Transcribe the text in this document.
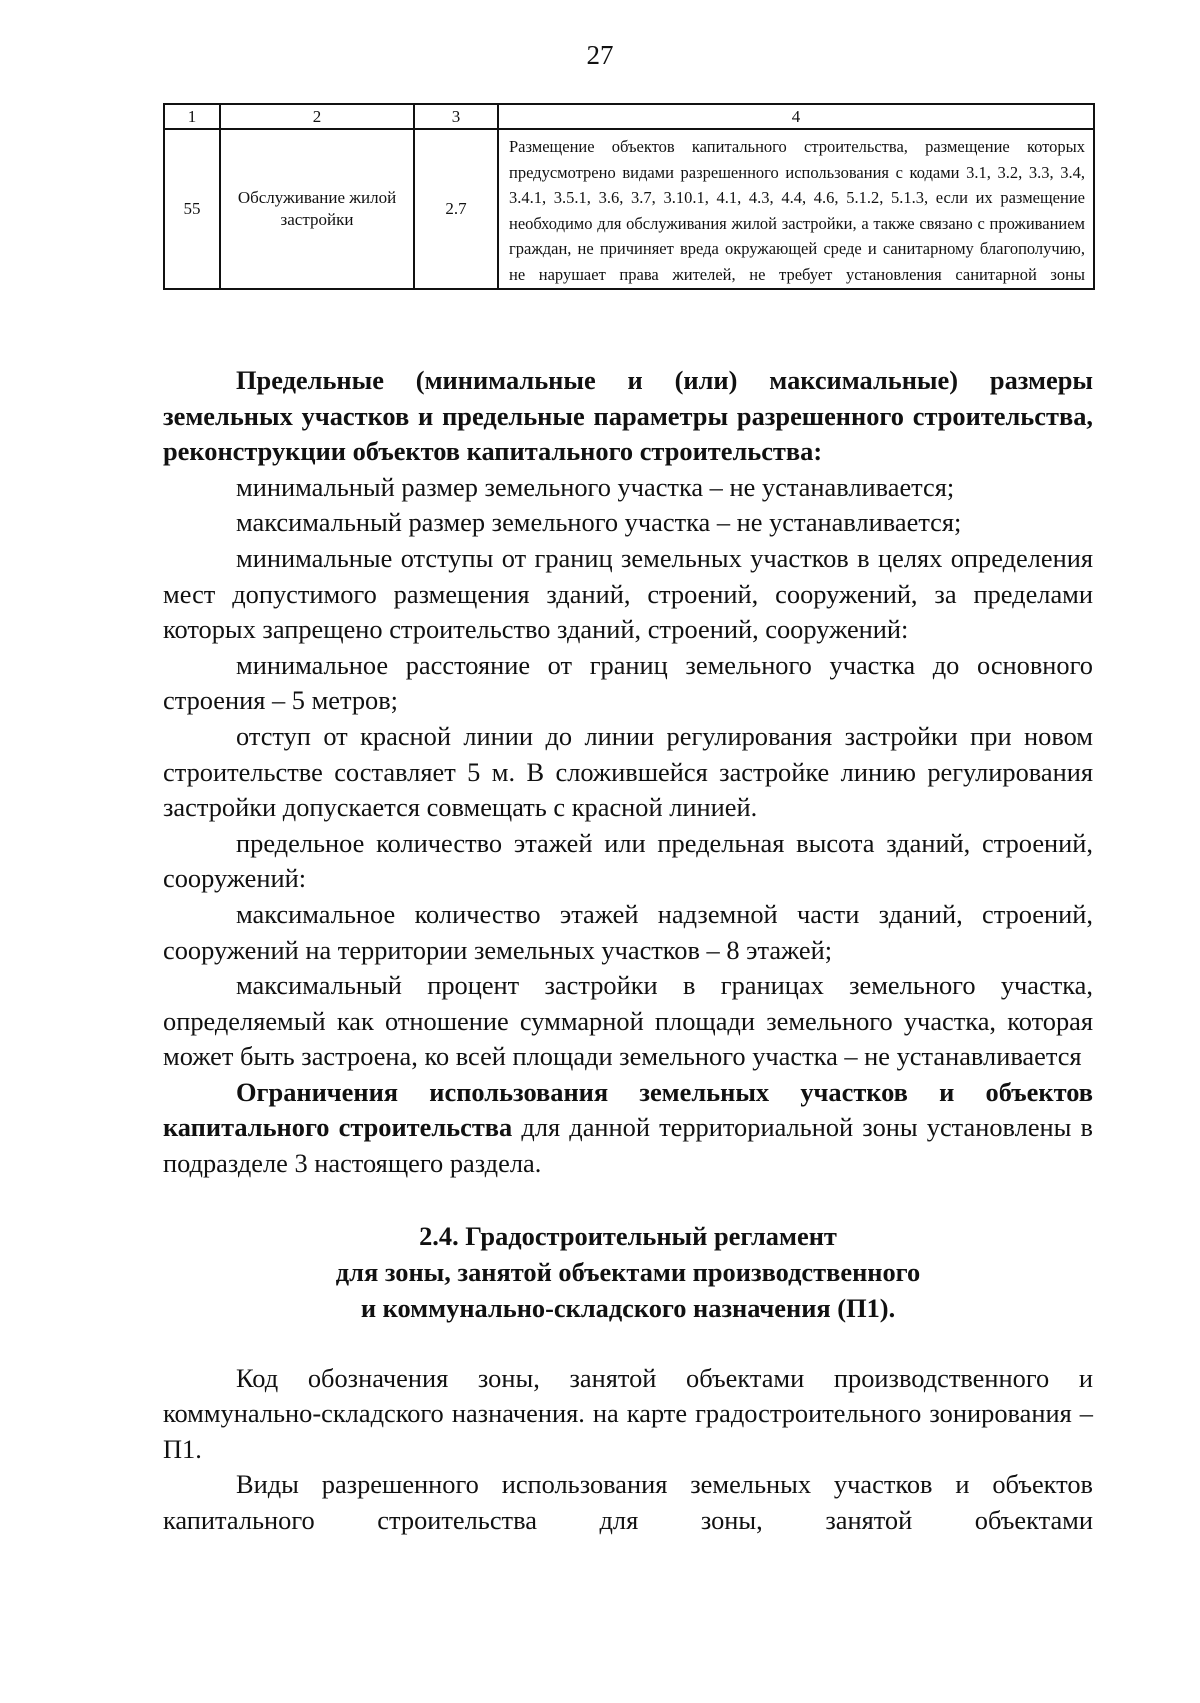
27
1	2	3	4
55	Обслуживание жилой застройки	2.7	Размещение объектов капитального строительства, размещение которых предусмотрено видами разрешенного использования с кодами 3.1, 3.2, 3.3, 3.4, 3.4.1, 3.5.1, 3.6, 3.7, 3.10.1, 4.1, 4.3, 4.4, 4.6, 5.1.2, 5.1.3, если их размещение необходимо для обслуживания жилой застройки, а также связано с проживанием граждан, не причиняет вреда окружающей среде и санитарному благополучию, не нарушает права жителей, не требует установления санитарной зоны

Предельные (минимальные и (или) максимальные) размеры земельных участков и предельные параметры разрешенного строительства, реконструкции объектов капитального строительства:

минимальный размер земельного участка – не устанавливается;

максимальный размер земельного участка – не устанавливается;

минимальные отступы от границ земельных участков в целях определения мест допустимого размещения зданий, строений, сооружений, за пределами которых запрещено строительство зданий, строений, сооружений:

минимальное расстояние от границ земельного участка до основного строения – 5 метров;

отступ от красной линии до линии регулирования застройки при новом строительстве составляет 5 м. В сложившейся застройке линию регулирования застройки допускается совмещать с красной линией.

предельное количество этажей или предельная высота зданий, строений, сооружений:

максимальное количество этажей надземной части зданий, строений, сооружений на территории земельных участков – 8 этажей;

максимальный процент застройки в границах земельного участка, определяемый как отношение суммарной площади земельного участка, которая может быть застроена, ко всей площади земельного участка – не устанавливается

Ограничения использования земельных участков и объектов капитального строительства для данной территориальной зоны установлены в подразделе 3 настоящего раздела.

2.4. Градостроительный регламент
для зоны, занятой объектами производственного
и коммунально-складского назначения (П1).

Код обозначения зоны, занятой объектами производственного и коммунально-складского назначения. на карте градостроительного зонирования – П1.

Виды разрешенного использования земельных участков и объектов капитального строительства для зоны, занятой объектами
